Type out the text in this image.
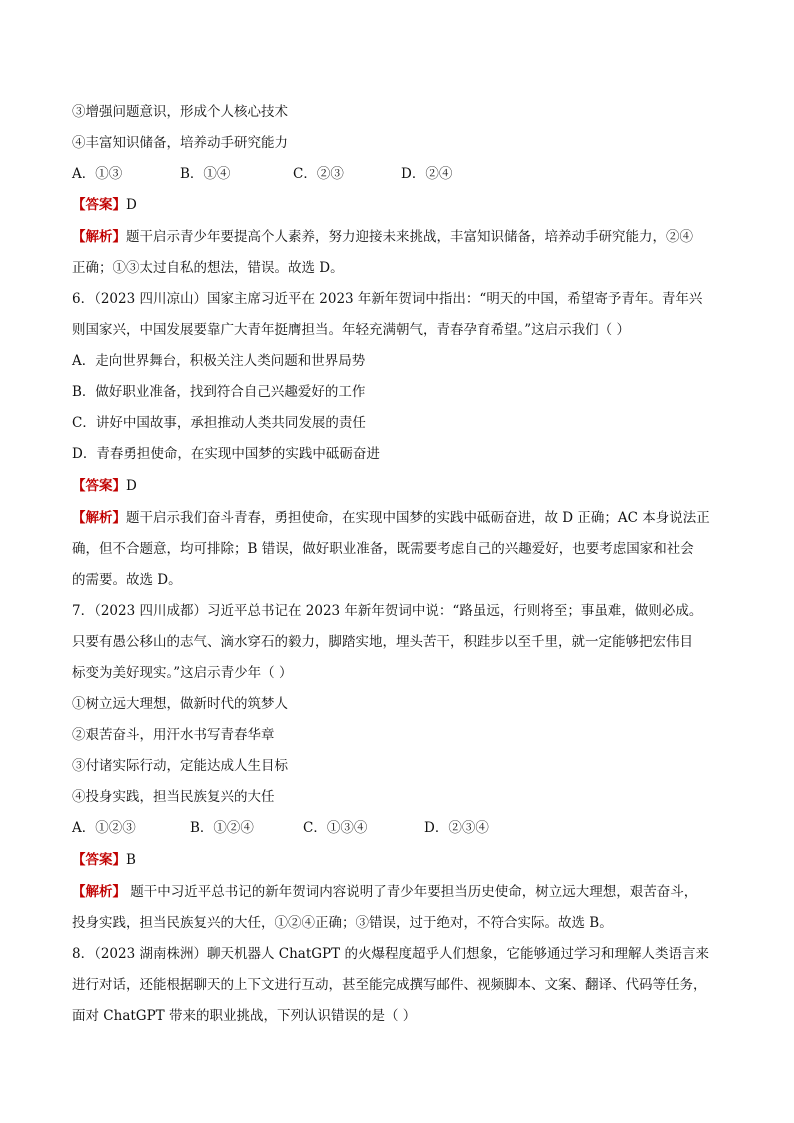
③增强问题意识，形成个人核心技术
④丰富知识储备，培养动手研究能力
A．①③	B．①④	C．②③	D．②④
【答案】D
【解析】题干启示青少年要提高个人素养，努力迎接未来挑战，丰富知识储备，培养动手研究能力，②④
正确；①③太过自私的想法，错误。故选 D。
6．（2023 四川凉山）国家主席习近平在 2023 年新年贺词中指出：“明天的中国，希望寄予青年。青年兴
则国家兴，中国发展要靠广大青年挺膺担当。年轻充满朝气，青春孕育希望。”这启示我们（ ）
A．走向世界舞台，积极关注人类问题和世界局势
B．做好职业准备，找到符合自己兴趣爱好的工作
C．讲好中国故事，承担推动人类共同发展的责任
D．青春勇担使命，在实现中国梦的实践中砥砺奋进
【答案】D
【解析】题干启示我们奋斗青春，勇担使命，在实现中国梦的实践中砥砺奋进，故 D 正确；AC 本身说法正
确，但不合题意，均可排除；B 错误，做好职业准备，既需要考虑自己的兴趣爱好，也要考虑国家和社会
的需要。故选 D。
7．（2023 四川成都）习近平总书记在 2023 年新年贺词中说：“路虽远，行则将至；事虽难，做则必成。
只要有愚公移山的志气、滴水穿石的毅力，脚踏实地，埋头苦干，积跬步以至千里，就一定能够把宏伟目
标变为美好现实。”这启示青少年（ ）
①树立远大理想，做新时代的筑梦人
②艰苦奋斗，用汗水书写青春华章
③付诸实际行动，定能达成人生目标
④投身实践，担当民族复兴的大任
A．①②③	B．①②④	C．①③④	D．②③④
【答案】B
【解析】 题干中习近平总书记的新年贺词内容说明了青少年要担当历史使命，树立远大理想，艰苦奋斗，
投身实践，担当民族复兴的大任，①②④正确；③错误，过于绝对，不符合实际。故选 B。
8．（2023 湖南株洲）聊天机器人 ChatGPT 的火爆程度超乎人们想象，它能够通过学习和理解人类语言来
进行对话，还能根据聊天的上下文进行互动，甚至能完成撰写邮件、视频脚本、文案、翻译、代码等任务，
面对 ChatGPT 带来的职业挑战，下列认识错误的是（ ）
